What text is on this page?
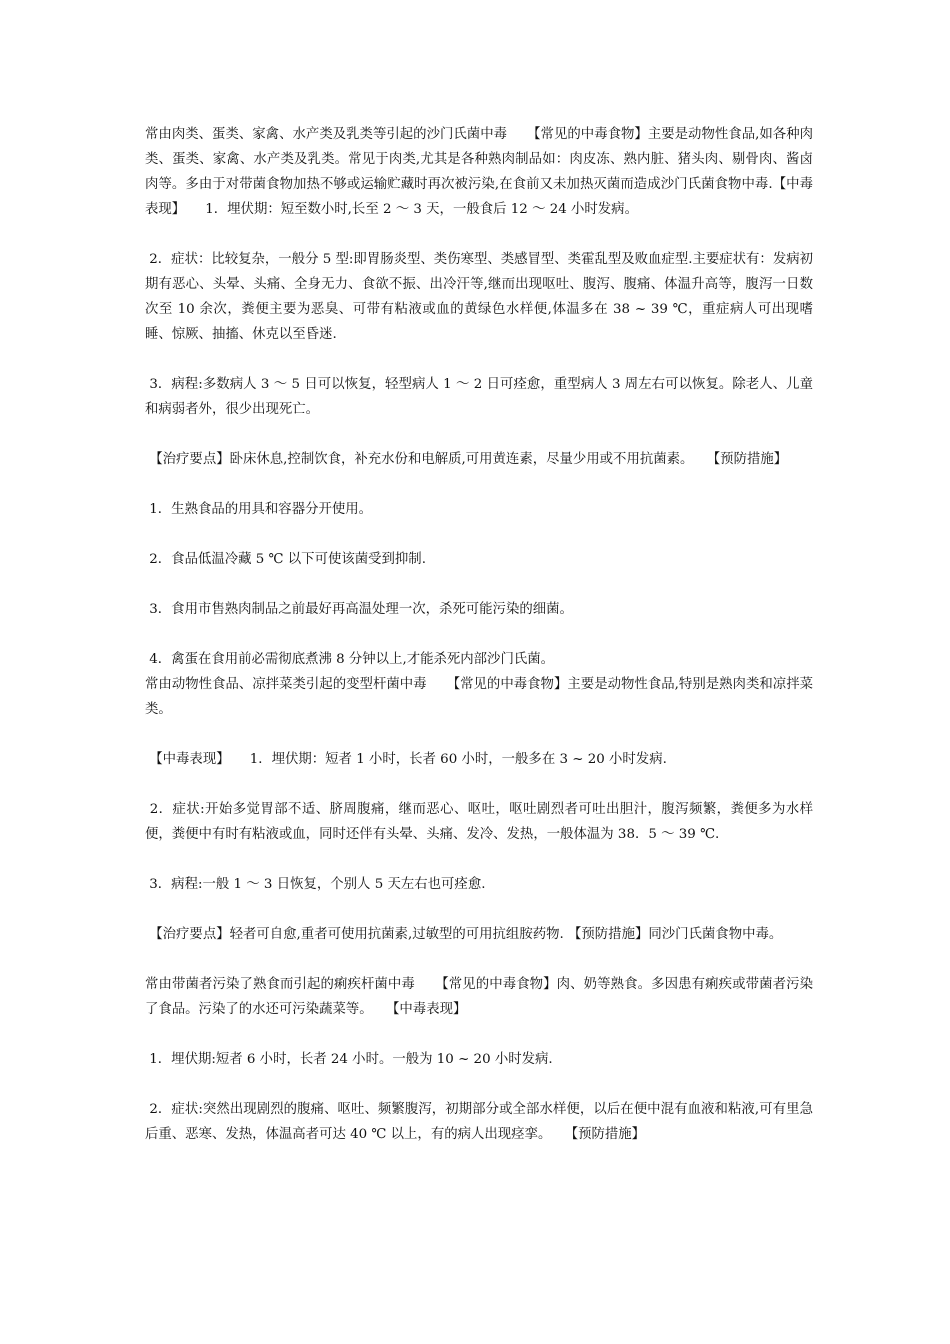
常由肉类、蛋类、家禽、水产类及乳类等引起的沙门氏菌中毒　　【常见的中毒食物】主要是动物性食品,如各种肉类、蛋类、家禽、水产类及乳类。常见于肉类,尤其是各种熟肉制品如：肉皮冻、熟内脏、猪头肉、剔骨肉、酱卤肉等。多由于对带菌食物加热不够或运输贮藏时再次被污染,在食前又未加热灭菌而造成沙门氏菌食物中毒.【中毒表现】　　1．埋伏期：短至数小时,长至 2 ～ 3 天，一般食后 12 ～ 24 小时发病。

2．症状：比较复杂，一般分 5 型:即胃肠炎型、类伤寒型、类感冒型、类霍乱型及败血症型.主要症状有：发病初期有恶心、头晕、头痛、全身无力、食欲不振、出冷汗等,继而出现呕吐、腹泻、腹痛、体温升高等，腹泻一日数次至 10 余次，粪便主要为恶臭、可带有粘液或血的黄绿色水样便,体温多在 38 ~ 39 ℃，重症病人可出现嗜睡、惊厥、抽搐、休克以至昏迷.

3．病程:多数病人 3 ～ 5 日可以恢复，轻型病人 1 ～ 2 日可痊愈，重型病人 3 周左右可以恢复。除老人、儿童和病弱者外，很少出现死亡。

【治疗要点】卧床休息,控制饮食，补充水份和电解质,可用黄连素，尽量少用或不用抗菌素。　　【预防措施】

1．生熟食品的用具和容器分开使用。

2．食品低温冷藏 5 ℃ 以下可使该菌受到抑制.

3．食用市售熟肉制品之前最好再高温处理一次，杀死可能污染的细菌。

4．禽蛋在食用前必需彻底煮沸 8 分钟以上,才能杀死内部沙门氏菌。
常由动物性食品、凉拌菜类引起的变型杆菌中毒　　【常见的中毒食物】主要是动物性食品,特别是熟肉类和凉拌菜类。

【中毒表现】　　1．埋伏期：短者 1 小时，长者 60 小时，一般多在 3 ~ 20 小时发病.

2．症状:开始多觉胃部不适、脐周腹痛，继而恶心、呕吐，呕吐剧烈者可吐出胆汁，腹泻频繁，粪便多为水样便，粪便中有时有粘液或血，同时还伴有头晕、头痛、发冷、发热，一般体温为 38．5 ～ 39 ℃.

3．病程:一般 1 ～ 3 日恢复，个别人 5 天左右也可痊愈.

【治疗要点】轻者可自愈,重者可使用抗菌素,过敏型的可用抗组胺药物. 【预防措施】同沙门氏菌食物中毒。

常由带菌者污染了熟食而引起的痢疾杆菌中毒　　【常见的中毒食物】肉、奶等熟食。多因患有痢疾或带菌者污染了食品。污染了的水还可污染蔬菜等。　　【中毒表现】

1．埋伏期:短者 6 小时，长者 24 小时。一般为 10 ~ 20 小时发病.

2．症状:突然出现剧烈的腹痛、呕吐、频繁腹泻，初期部分或全部水样便，以后在便中混有血液和粘液,可有里急后重、恶寒、发热，体温高者可达 40 ℃ 以上，有的病人出现痉挛。　　【预防措施】
